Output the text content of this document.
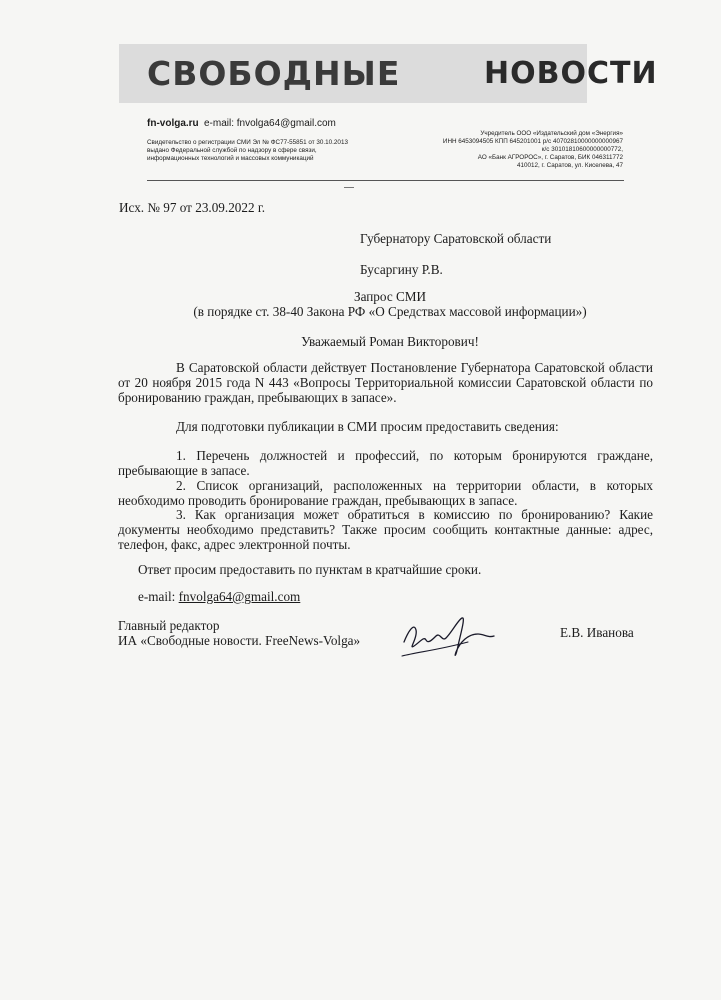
СВОБОДНЫЕ	НОВОСТИ
fn-volga.ru e-mail: fnvolga64@gmail.com
Свидетельство о регистрации СМИ Эл № ФС77-55851 от 30.10.2013
выдано Федеральной службой по надзору в сфере связи,
информационных технологий и массовых коммуникаций
Учредитель ООО «Издательский дом «Энергия»
ИНН 6453094505 КПП 645201001 р/с 40702810000000000967
к/с 30101810600000000772,
АО «Банк АГРОРОС», г. Саратов, БИК 046311772
410012, г. Саратов, ул. Киселева, 47
Исх. № 97 от 23.09.2022 г.
Губернатору Саратовской области
Бусаргину Р.В.
Запрос СМИ
(в порядке ст. 38-40 Закона РФ «О Средствах массовой информации»)
Уважаемый Роман Викторович!
В Саратовской области действует Постановление Губернатора Саратовской области от 20 ноября 2015 года N 443 «Вопросы Территориальной комиссии Саратовской области по бронированию граждан, пребывающих в запасе».
Для подготовки публикации в СМИ просим предоставить сведения:
1. Перечень должностей и профессий, по которым бронируются граждане, пребывающие в запасе.
2. Список организаций, расположенных на территории области, в которых необходимо проводить бронирование граждан, пребывающих в запасе.
3. Как организация может обратиться в комиссию по бронированию? Какие документы необходимо представить? Также просим сообщить контактные данные: адрес, телефон, факс, адрес электронной почты.
Ответ просим предоставить по пунктам в кратчайшие сроки.
e-mail: fnvolga64@gmail.com
Главный редактор
ИА «Свободные новости. FreeNews-Volga»
Е.В. Иванова
